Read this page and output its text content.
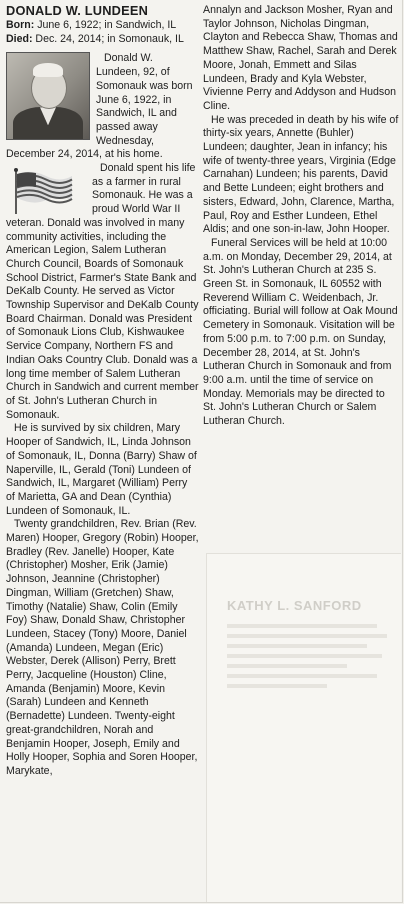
DONALD W. LUNDEEN

Born: June 6, 1922; in Sandwich, IL

Died: Dec. 24, 2014; in Somonauk, IL

Donald W. Lundeen, 92, of Somonauk was born June 6, 1922, in Sandwich, IL and passed away Wednesday, December 24, 2014, at his home.

Donald spent his life as a farmer in rural Somonauk. He was a proud World War II veteran. Donald was involved in many community activities, including the American Legion, Salem Lutheran Church Council, Boards of Somonauk School District, Farmer's State Bank and DeKalb County. He served as Victor Township Supervisor and DeKalb County Board Chairman. Donald was President of Somonauk Lions Club, Kishwaukee Service Company, Northern FS and Indian Oaks Country Club. Donald was a long time member of Salem Lutheran Church in Sandwich and current member of St. John's Lutheran Church in Somonauk.

He is survived by six children, Mary Hooper of Sandwich, IL, Linda Johnson of Somonauk, IL, Donna (Barry) Shaw of Naperville, IL, Gerald (Toni) Lundeen of Sandwich, IL, Margaret (William) Perry of Marietta, GA and Dean (Cynthia) Lundeen of Somonauk, IL.

Twenty grandchildren, Rev. Brian (Rev. Maren) Hooper, Gregory (Robin) Hooper, Bradley (Rev. Janelle) Hooper, Kate (Christopher) Mosher, Erik (Jamie) Johnson, Jeannine (Christopher) Dingman, William (Gretchen) Shaw, Timothy (Natalie) Shaw, Colin (Emily Foy) Shaw, Donald Shaw, Christopher Lundeen, Stacey (Tony) Moore, Daniel (Amanda) Lundeen, Megan (Eric) Webster, Derek (Allison) Perry, Brett Perry, Jacqueline (Houston) Cline, Amanda (Benjamin) Moore, Kevin (Sarah) Lundeen and Kenneth (Bernadette) Lundeen. Twenty-eight great-grandchildren, Norah and Benjamin Hooper, Joseph, Emily and Holly Hooper, Sophia and Soren Hooper, Marykate,

Annalyn and Jackson Mosher, Ryan and Taylor Johnson, Nicholas Dingman, Clayton and Rebecca Shaw, Thomas and Matthew Shaw, Rachel, Sarah and Derek Moore, Jonah, Emmett and Silas Lundeen, Brady and Kyla Webster, Vivienne Perry and Addyson and Hudson Cline.

He was preceded in death by his wife of thirty-six years, Annette (Buhler) Lundeen; daughter, Jean in infancy; his wife of twenty-three years, Virginia (Edge Carnahan) Lundeen; his parents, David and Bette Lundeen; eight brothers and sisters, Edward, John, Clarence, Martha, Paul, Roy and Esther Lundeen, Ethel Aldis; and one son-in-law, John Hooper.

Funeral Services will be held at 10:00 a.m. on Monday, December 29, 2014, at St. John's Lutheran Church at 235 S. Green St. in Somonauk, IL 60552 with Reverend William C. Weidenbach, Jr. officiating. Burial will follow at Oak Mound Cemetery in Somonauk. Visitation will be from 5:00 p.m. to 7:00 p.m. on Sunday, December 28, 2014, at St. John's Lutheran Church in Somonauk and from 9:00 a.m. until the time of service on Monday. Memorials may be directed to St. John's Lutheran Church or Salem Lutheran Church.

KATHY L. SANFORD
